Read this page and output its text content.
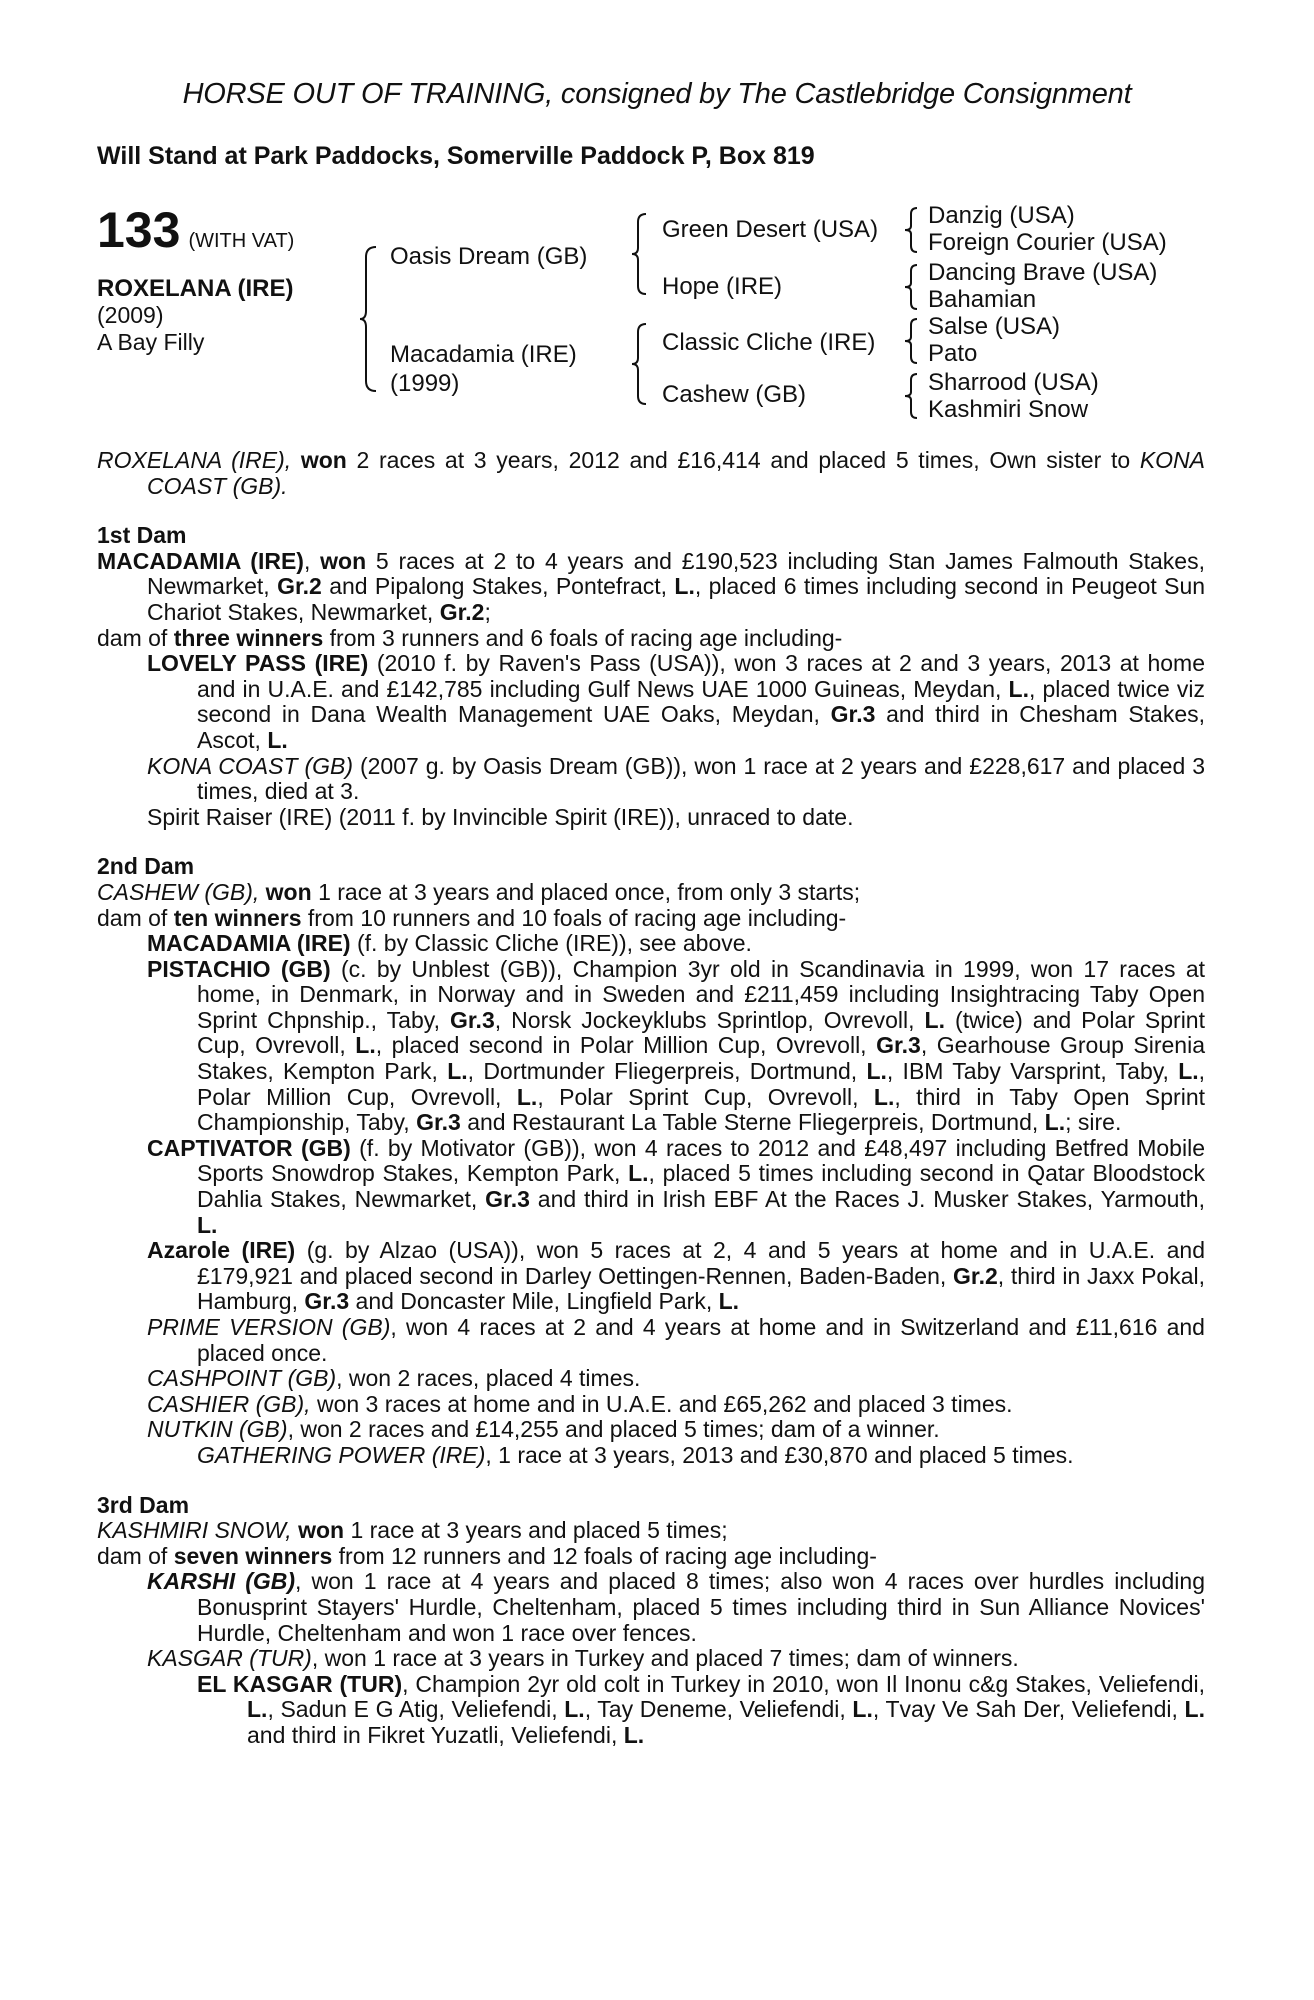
HORSE OUT OF TRAINING, consigned by The Castlebridge Consignment
Will Stand at Park Paddocks, Somerville Paddock P, Box 819
133 (WITH VAT)
ROXELANA (IRE)
(2009)
A Bay Filly
Oasis Dream (GB)
Macadamia (IRE)
(1999)
Green Desert (USA)
Hope (IRE)
Classic Cliche (IRE)
Cashew (GB)
Danzig (USA)
Foreign Courier (USA)
Dancing Brave (USA)
Bahamian
Salse (USA)
Pato
Sharrood (USA)
Kashmiri Snow

ROXELANA (IRE), won 2 races at 3 years, 2012 and £16,414 and placed 5 times, Own sister to KONA COAST (GB).

1st Dam

MACADAMIA (IRE), won 5 races at 2 to 4 years and £190,523 including Stan James Falmouth Stakes, Newmarket, Gr.2 and Pipalong Stakes, Pontefract, L., placed 6 times including second in Peugeot Sun Chariot Stakes, Newmarket, Gr.2;

dam of three winners from 3 runners and 6 foals of racing age including-

LOVELY PASS (IRE) (2010 f. by Raven's Pass (USA)), won 3 races at 2 and 3 years, 2013 at home and in U.A.E. and £142,785 including Gulf News UAE 1000 Guineas, Meydan, L., placed twice viz second in Dana Wealth Management UAE Oaks, Meydan, Gr.3 and third in Chesham Stakes, Ascot, L.

KONA COAST (GB) (2007 g. by Oasis Dream (GB)), won 1 race at 2 years and £228,617 and placed 3 times, died at 3.

Spirit Raiser (IRE) (2011 f. by Invincible Spirit (IRE)), unraced to date.

2nd Dam

CASHEW (GB), won 1 race at 3 years and placed once, from only 3 starts;

dam of ten winners from 10 runners and 10 foals of racing age including-

MACADAMIA (IRE) (f. by Classic Cliche (IRE)), see above.

PISTACHIO (GB) (c. by Unblest (GB)), Champion 3yr old in Scandinavia in 1999, won 17 races at home, in Denmark, in Norway and in Sweden and £211,459 including Insightracing Taby Open Sprint Chpnship., Taby, Gr.3, Norsk Jockeyklubs Sprintlop, Ovrevoll, L. (twice) and Polar Sprint Cup, Ovrevoll, L., placed second in Polar Million Cup, Ovrevoll, Gr.3, Gearhouse Group Sirenia Stakes, Kempton Park, L., Dortmunder Fliegerpreis, Dortmund, L., IBM Taby Varsprint, Taby, L., Polar Million Cup, Ovrevoll, L., Polar Sprint Cup, Ovrevoll, L., third in Taby Open Sprint Championship, Taby, Gr.3 and Restaurant La Table Sterne Fliegerpreis, Dortmund, L.; sire.

CAPTIVATOR (GB) (f. by Motivator (GB)), won 4 races to 2012 and £48,497 including Betfred Mobile Sports Snowdrop Stakes, Kempton Park, L., placed 5 times including second in Qatar Bloodstock Dahlia Stakes, Newmarket, Gr.3 and third in Irish EBF At the Races J. Musker Stakes, Yarmouth, L.

Azarole (IRE) (g. by Alzao (USA)), won 5 races at 2, 4 and 5 years at home and in U.A.E. and £179,921 and placed second in Darley Oettingen-Rennen, Baden-Baden, Gr.2, third in Jaxx Pokal, Hamburg, Gr.3 and Doncaster Mile, Lingfield Park, L.

PRIME VERSION (GB), won 4 races at 2 and 4 years at home and in Switzerland and £11,616 and placed once.

CASHPOINT (GB), won 2 races, placed 4 times.

CASHIER (GB), won 3 races at home and in U.A.E. and £65,262 and placed 3 times.

NUTKIN (GB), won 2 races and £14,255 and placed 5 times; dam of a winner.

GATHERING POWER (IRE), 1 race at 3 years, 2013 and £30,870 and placed 5 times.

3rd Dam

KASHMIRI SNOW, won 1 race at 3 years and placed 5 times;

dam of seven winners from 12 runners and 12 foals of racing age including-

KARSHI (GB), won 1 race at 4 years and placed 8 times; also won 4 races over hurdles including Bonusprint Stayers' Hurdle, Cheltenham, placed 5 times including third in Sun Alliance Novices' Hurdle, Cheltenham and won 1 race over fences.

KASGAR (TUR), won 1 race at 3 years in Turkey and placed 7 times; dam of winners.

EL KASGAR (TUR), Champion 2yr old colt in Turkey in 2010, won Il Inonu c&g Stakes, Veliefendi, L., Sadun E G Atig, Veliefendi, L., Tay Deneme, Veliefendi, L., Tvay Ve Sah Der, Veliefendi, L. and third in Fikret Yuzatli, Veliefendi, L.
